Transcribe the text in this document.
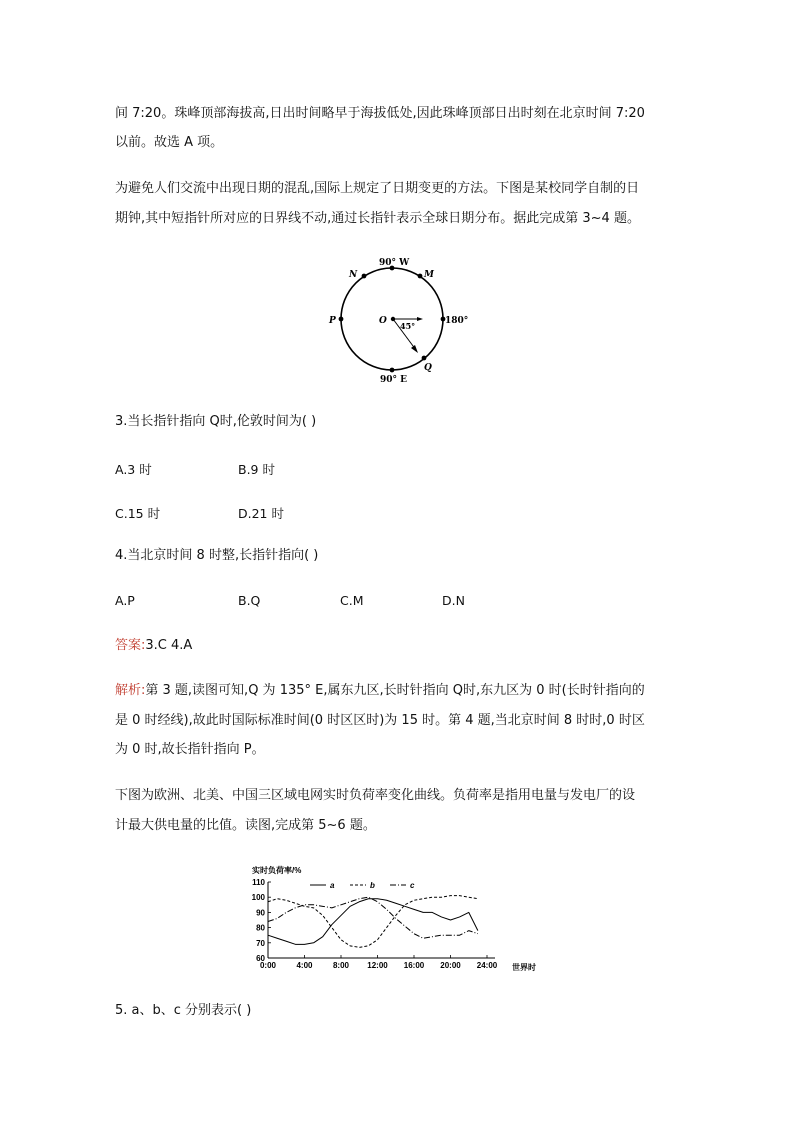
间 7:20。珠峰顶部海拔高,日出时间略早于海拔低处,因此珠峰顶部日出时刻在北京时间 7:20
以前。故选 A 项。
为避免人们交流中出现日期的混乱,国际上规定了日期变更的方法。下图是某校同学自制的日
期钟,其中短指针所对应的日界线不动,通过长指针表示全球日期分布。据此完成第 3~4 题。
90° W
N	M
P	O 45°	180°
Q
90° E
3.当长指针指向 Q时,伦敦时间为( )
A.3 时	B.9 时
C.15 时	D.21 时
4.当北京时间 8 时整,长指针指向( )
A.P	B.Q	C.M	D.N
答案:3.C 4.A
解析:第 3 题,读图可知,Q 为 135° E,属东九区,长时针指向 Q时,东九区为 0 时(长时针指向的
是 0 时经线),故此时国际标准时间(0 时区区时)为 15 时。第 4 题,当北京时间 8 时时,0 时区
为 0 时,故长指针指向 P。
下图为欧洲、北美、中国三区域电网实时负荷率变化曲线。负荷率是指用电量与发电厂的设
计最大供电量的比值。读图,完成第 5~6 题。
实时负荷率/%
世界时
60
70
80
90
100
110
0:00	4:00	8:00 12:00 16:00 20:00 24:00
a	b	c
5. a、b、c 分别表示( )
